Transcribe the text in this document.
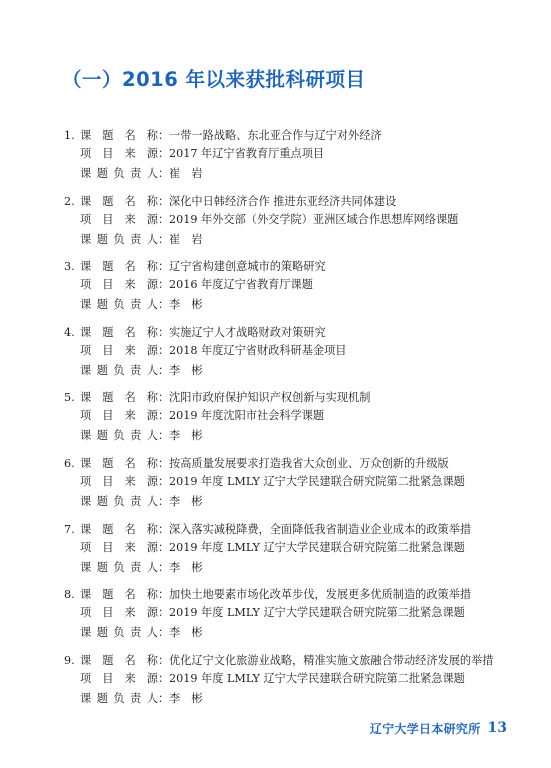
（一）2016 年以来获批科研项目
1. 课题名称 ： 一带一路战略、东北亚合作与辽宁对外经济
项目来源 ： 2017 年辽宁省教育厅重点项目
课题负责人 ： 崔　岩
2. 课题名称 ： 深化中日韩经济合作 推进东亚经济共同体建设
项目来源 ： 2019 年外交部（外交学院）亚洲区域合作思想库网络课题
课题负责人 ： 崔　岩
3. 课题名称 ： 辽宁省构建创意城市的策略研究
项目来源 ： 2016 年度辽宁省教育厅课题
课题负责人 ： 李　彬
4. 课题名称 ： 实施辽宁人才战略财政对策研究
项目来源 ： 2018 年度辽宁省财政科研基金项目
课题负责人 ： 李　彬
5. 课题名称 ： 沈阳市政府保护知识产权创新与实现机制
项目来源 ： 2019 年度沈阳市社会科学课题
课题负责人 ： 李　彬
6. 课题名称 ： 按高质量发展要求打造我省大众创业、万众创新的升级版
项目来源 ： 2019 年度 LMLY 辽宁大学民建联合研究院第二批紧急课题
课题负责人 ： 李　彬
7. 课题名称 ： 深入落实减税降费，全面降低我省制造业企业成本的政策举措
项目来源 ： 2019 年度 LMLY 辽宁大学民建联合研究院第二批紧急课题
课题负责人 ： 李　彬
8. 课题名称 ： 加快土地要素市场化改革步伐，发展更多优质制造的政策举措
项目来源 ： 2019 年度 LMLY 辽宁大学民建联合研究院第二批紧急课题
课题负责人 ： 李　彬
9. 课题名称 ： 优化辽宁文化旅游业战略，精准实施文旅融合带动经济发展的举措
项目来源 ： 2019 年度 LMLY 辽宁大学民建联合研究院第二批紧急课题
课题负责人 ： 李　彬
辽宁大学日本研究所 13
